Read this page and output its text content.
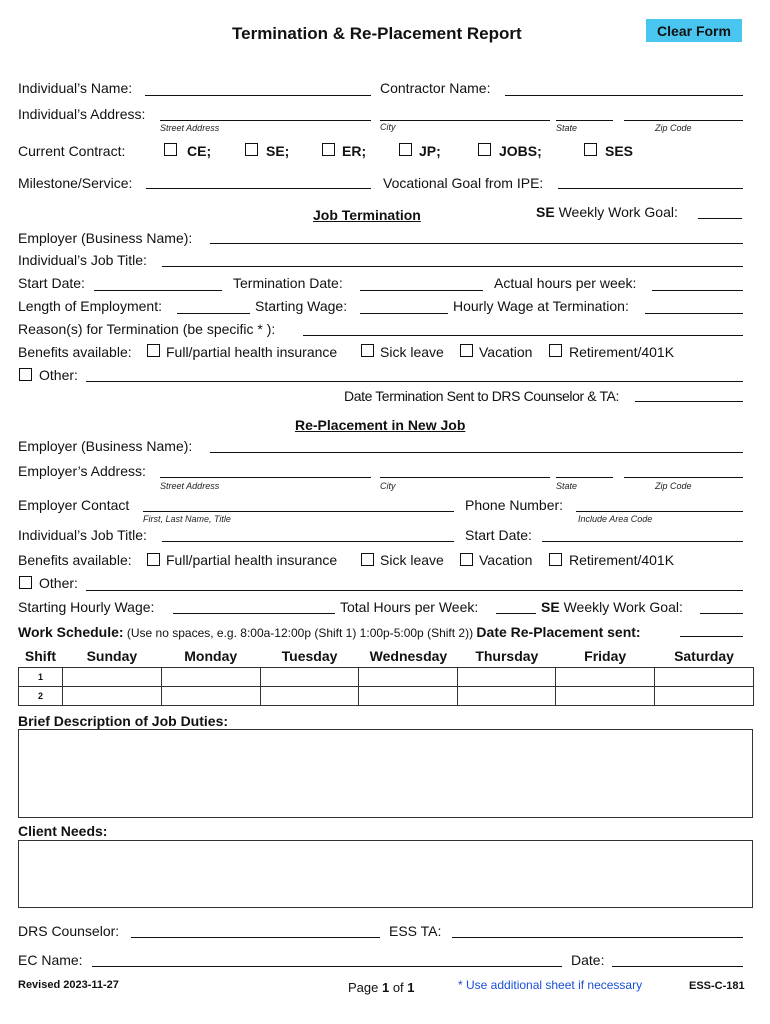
Termination & Re-Placement Report	Clear Form
Individual’s Name:	Contractor Name:
Individual’s Address:
Street Address	City	State	Zip Code
Current Contract:	CE;	SE;	ER;	JP;	JOBS;	SES
Milestone/Service:	Vocational Goal from IPE:
Job Termination	SE Weekly Work Goal:
Employer (Business Name):
Individual’s Job Title:
Start Date:	Termination Date:	Actual hours per week:
Length of Employment:	Starting Wage:	Hourly Wage at Termination:
Reason(s) for Termination (be specific * ):
Benefits available: Full/partial health insurance	Sick leave	Vacation	Retirement/401K
Other:
Date Termination Sent to DRS Counselor & TA:
Re-Placement in New Job
Employer (Business Name):
Employer’s Address:
Street Address	City	State	Zip Code
Employer Contact
First, Last Name, Title
Phone Number:
Include Area Code
Individual’s Job Title:	Start Date:
Benefits available: Full/partial health insurance	Sick leave	Vacation	Retirement/401K
Other:
Starting Hourly Wage:	Total Hours per Week:	SE Weekly Work Goal:
Work Schedule: (Use no spaces, e.g. 8:00a-12:00p (Shift 1) 1:00p-5:00p (Shift 2)) Date Re-Placement sent:
Shift	Sunday	Monday	Tuesday	Wednesday	Thursday	Friday	Saturday
1							
2							
Brief Description of Job Duties:
Client Needs:
DRS Counselor:	ESS TA:
EC Name:	Date:
Revised 2023-11-27	Page 1 of 1	* Use additional sheet if necessary	ESS-C-181
